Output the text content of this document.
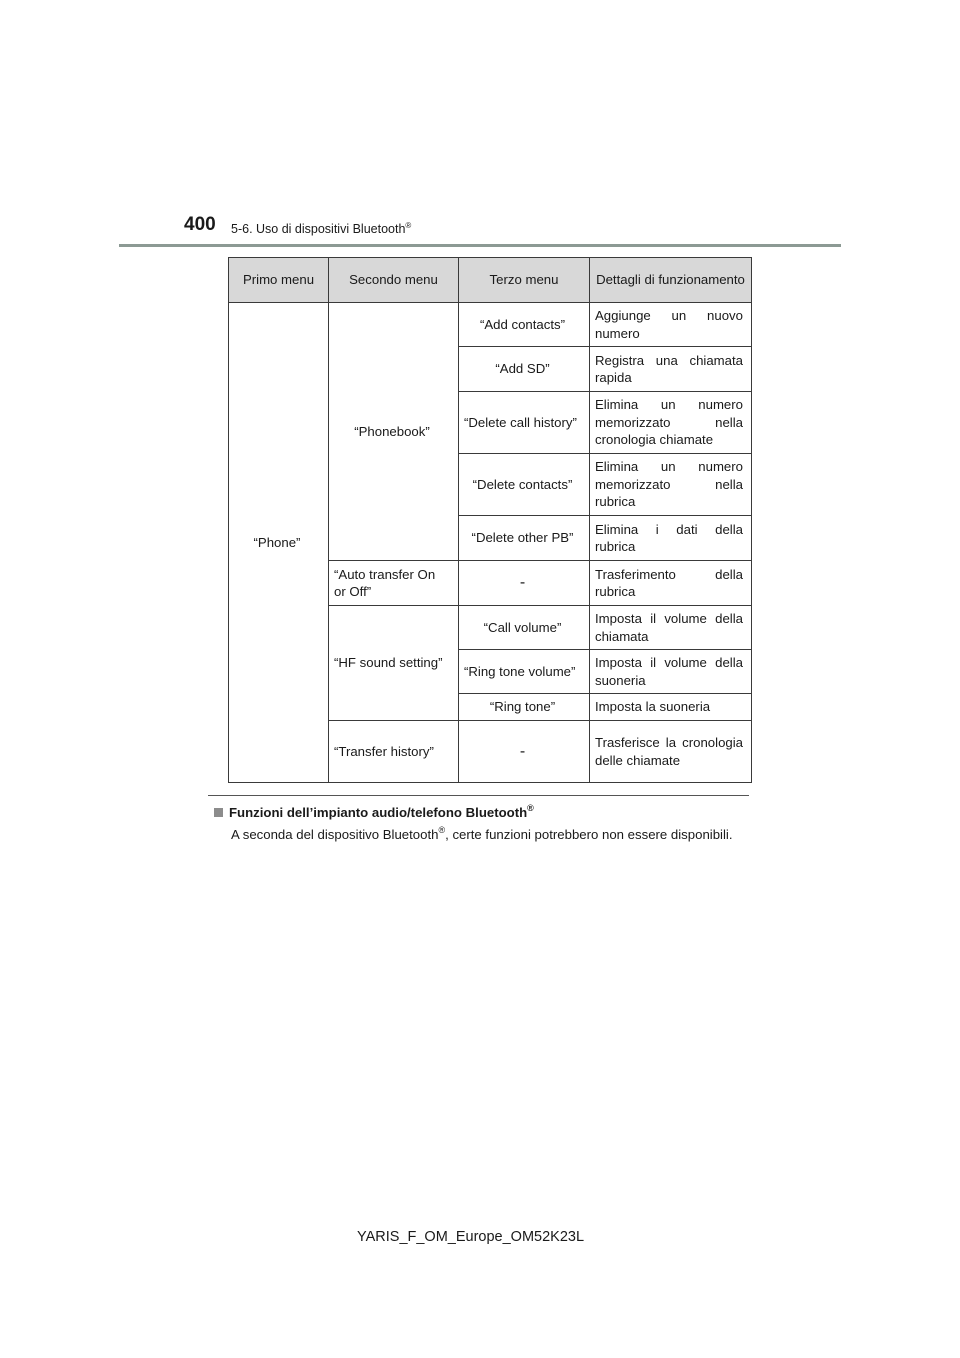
400 5-6. Uso di dispositivi Bluetooth®
Primo menu	Secondo menu	Terzo menu	Dettagli di funzionamento
“Phone”	“Phonebook”	“Add contacts”	Aggiunge un nuovo numero
		“Add SD”	Registra una chiamata rapida
		“Delete call history”	Elimina un numero memorizzato nella cronologia chiamate
		“Delete contacts”	Elimina un numero memorizzato nella rubrica
		“Delete other PB”	Elimina i dati della rubrica
	“Auto transfer On or Off”	-	Trasferimento della rubrica
	“HF sound setting”	“Call volume”	Imposta il volume della chiamata
		“Ring tone volume”	Imposta il volume della suoneria
		“Ring tone”	Imposta la suoneria
	“Transfer history”	-	Trasferisce la cronologia delle chiamate
Funzioni dell’impianto audio/telefono Bluetooth®
A seconda del dispositivo Bluetooth®, certe funzioni potrebbero non essere disponibili.
YARIS_F_OM_Europe_OM52K23L
